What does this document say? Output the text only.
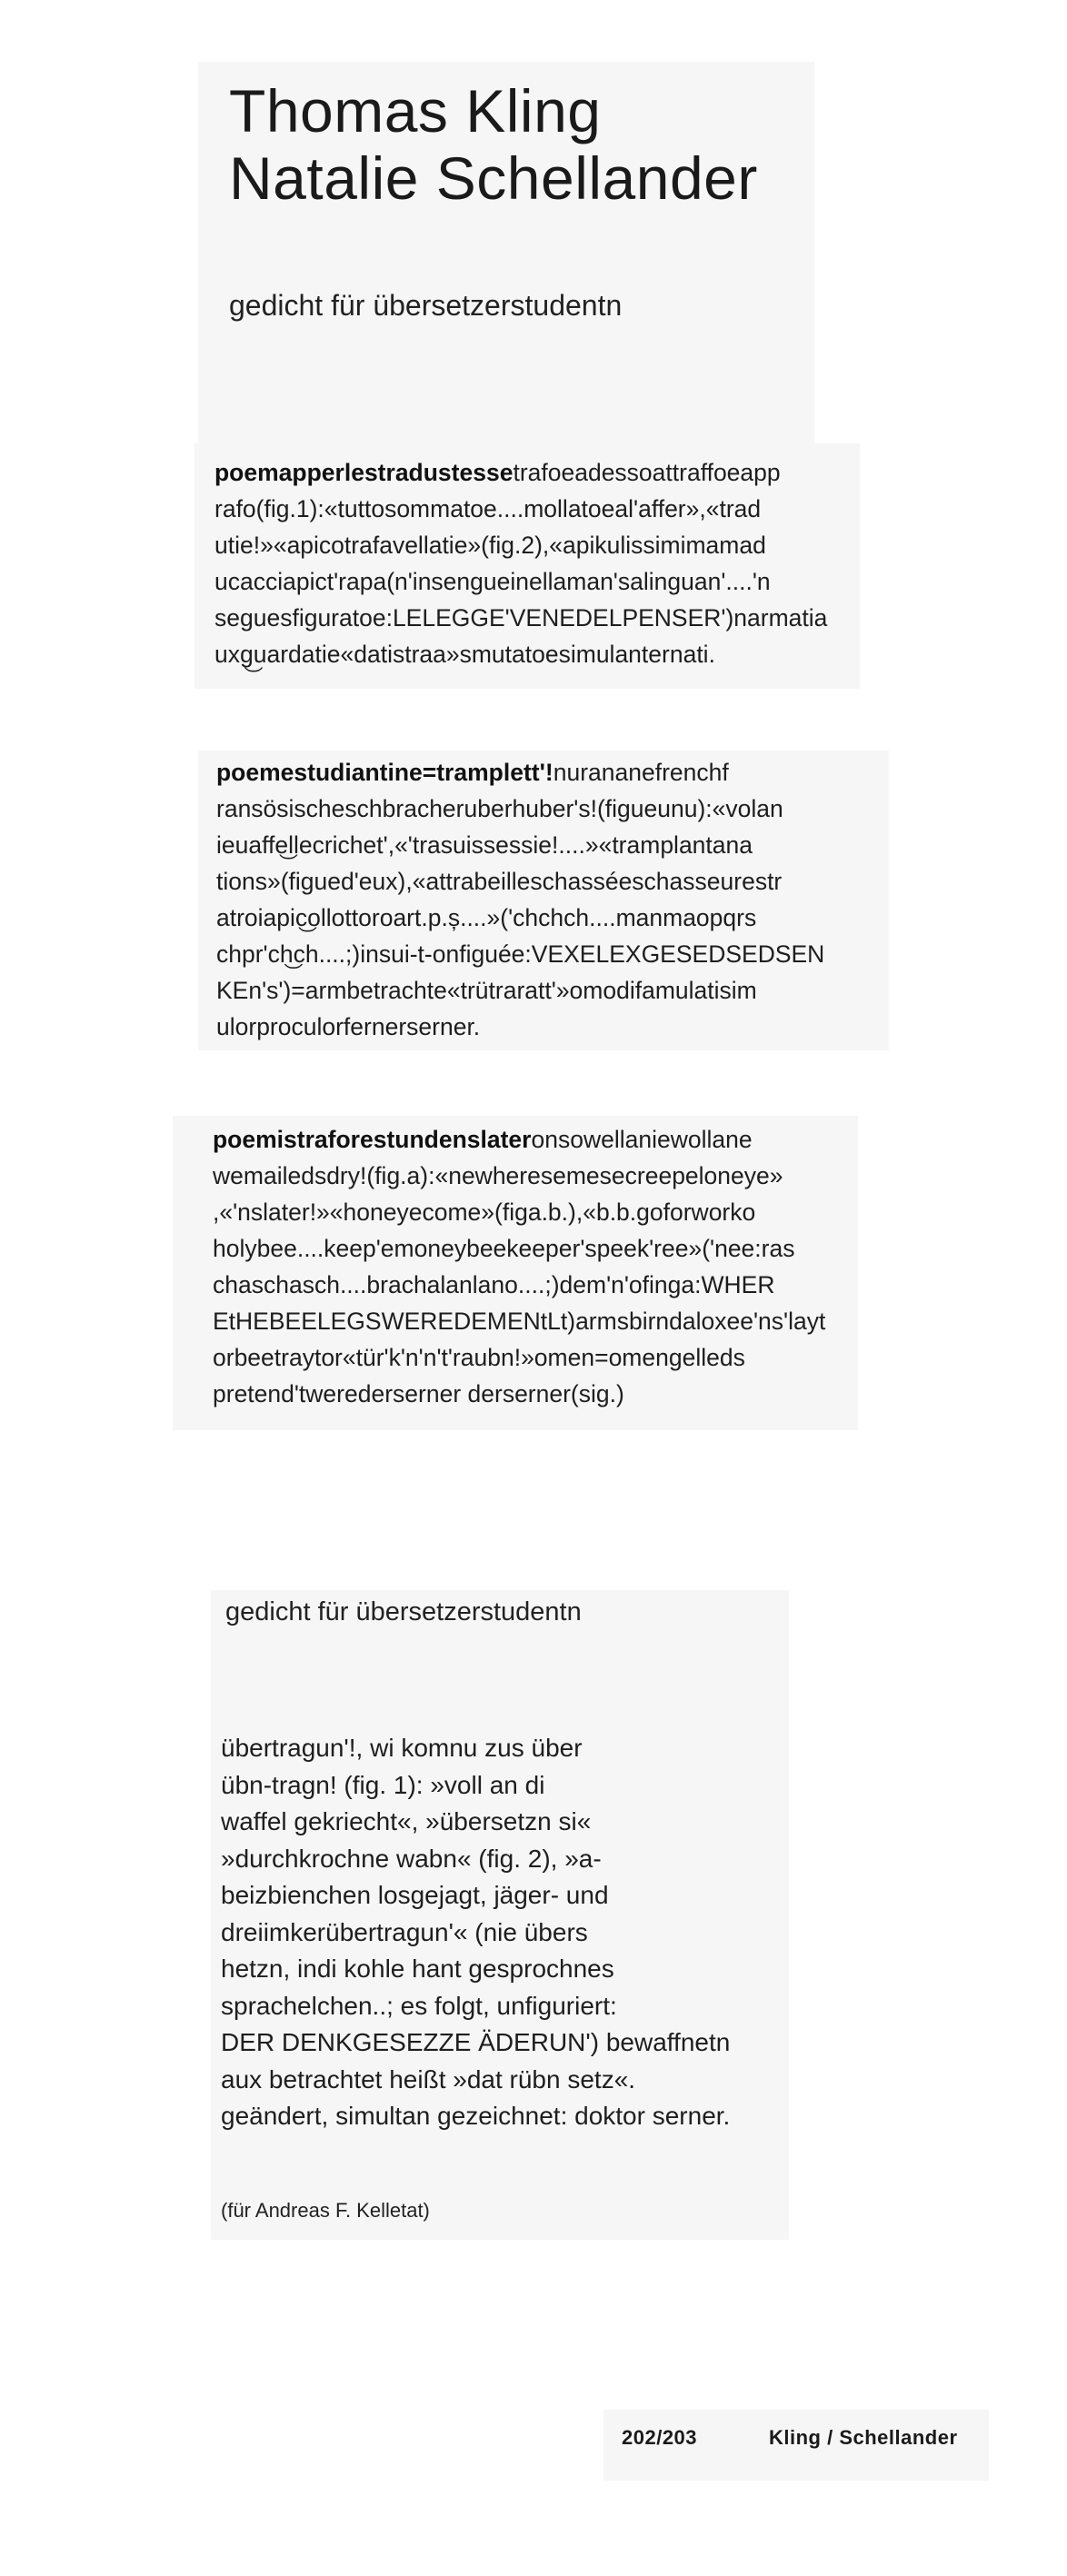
Thomas Kling
Natalie Schellander

gedicht für übersetzerstudentn

poemapperlestradustessetrafoeadessoattraffoeapp
rafo(fig.1):«tuttosommatoe....mollatoeal'affer»,«trad
utie!»«apicotrafavellatie»(fig.2),«apikulissimimamad
ucacciapict'rapa(n'insengueinellaman'salinguan'....'n
seguesfiguratoe:LELEGGE'VENEDELPENSER')narmatia
uxg͜uardatie«datistraa»smutatoesimulanternati.
poemestudiantine=tramplett'!nurananefrenchf
ransösischeschbracheruberhuber's!(figueunu):«volan
ieuaffe͜llecrichet',«'trasuissessie!....»«tramplantana
tions»(figued'eux),«attrabeilleschasséeschasseurestr
atroiapic͜ollottoroart.p.ș....»('chchch....manmaopqrs
chpr'ch͜ch....;)insui-t-onfiguée:VEXELEXGESEDSEDSEN
KEn's')=armbetrachte«trütraratt'»omodifamulatisim
ulorproculorfernerserner.
poemistraforestundenslateronsowellaniewollane
wemailedsdry!(fig.a):«newheresemesecreepeloneye»
,«'nslater!»«honeyecome»(figa.b.),«b.b.goforworko
holybee....keep'emoneybeekeeper'speek'ree»('nee:ras
chaschasch....brachalanlano....;)dem'n'ofinga:WHER
EtHEBEELEGSWEREDEMENtLt)armsbirndaloxee'ns'layt
orbeetraytor«tür'k'n'n't'raubn!»omen=omengelleds
pretend'twerederserner derserner(sig.)

gedicht für übersetzerstudentn

übertragun'!, wi komnu zus über
übn-tragn! (fig. 1): »voll an di
waffel gekriecht«, »übersetzn si«
»durchkrochne wabn« (fig. 2), »a-
beizbienchen losgejagt, jäger- und
dreiimkerübertragun'« (nie übers
hetzn, indi kohle hant gesprochnes
sprachelchen..; es folgt, unfiguriert:
DER DENKGESEZZE ÄDERUN') bewaffnetn
aux betrachtet heißt »dat rübn setz«.
geändert, simultan gezeichnet: doktor serner.

(für Andreas F. Kelletat)

202/203	Kling / Schellander
